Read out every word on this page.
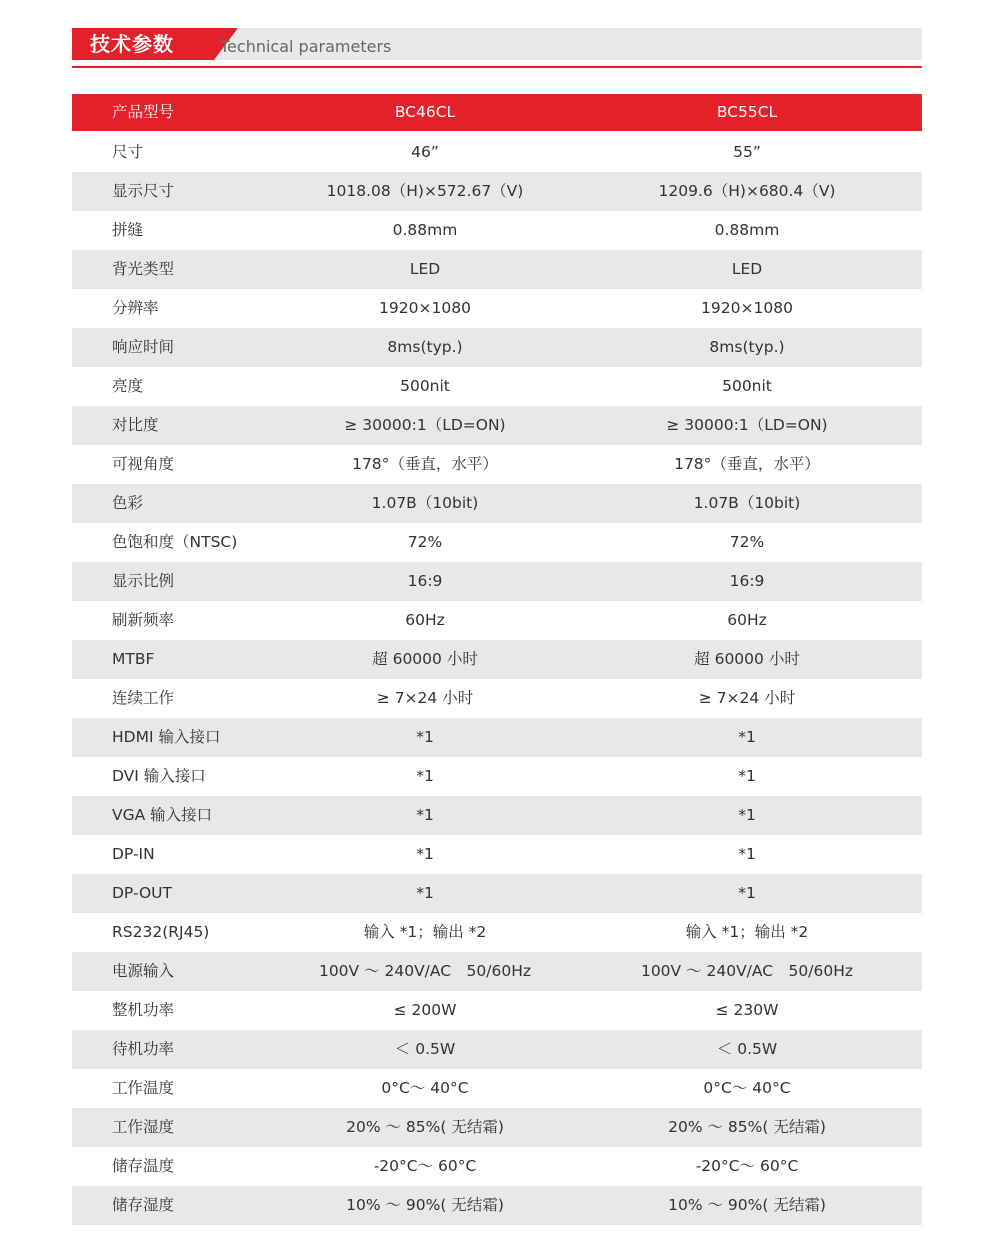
技术参数	Technical parameters
产品型号	BC46CL	BC55CL
尺寸	46”	55”
显示尺寸	1018.08（H)×572.67（V)	1209.6（H)×680.4（V)
拼缝	0.88mm	0.88mm
背光类型	LED	LED
分辨率	1920×1080	1920×1080
响应时间	8ms(typ.)	8ms(typ.)
亮度	500nit	500nit
对比度	≥ 30000:1（LD=ON)	≥ 30000:1（LD=ON)
可视角度	178°（垂直，水平）	178°（垂直，水平）
色彩	1.07B（10bit)	1.07B（10bit)
色饱和度（NTSC)	72%	72%
显示比例	16:9	16:9
刷新频率	60Hz	60Hz
MTBF	超 60000 小时	超 60000 小时
连续工作	≥ 7×24 小时	≥ 7×24 小时
HDMI 输入接口	*1	*1
DVI 输入接口	*1	*1
VGA 输入接口	*1	*1
DP-IN	*1	*1
DP-OUT	*1	*1
RS232(RJ45)	输入 *1；输出 *2	输入 *1；输出 *2
电源输入	100V ～ 240V/AC　50/60Hz	100V ～ 240V/AC　50/60Hz
整机功率	≤ 200W	≤ 230W
待机功率	＜ 0.5W	＜ 0.5W
工作温度	0°C～ 40°C	0°C～ 40°C
工作湿度	20% ～ 85%( 无结霜)	20% ～ 85%( 无结霜)
储存温度	-20°C～ 60°C	-20°C～ 60°C
储存湿度	10% ～ 90%( 无结霜)	10% ～ 90%( 无结霜)
